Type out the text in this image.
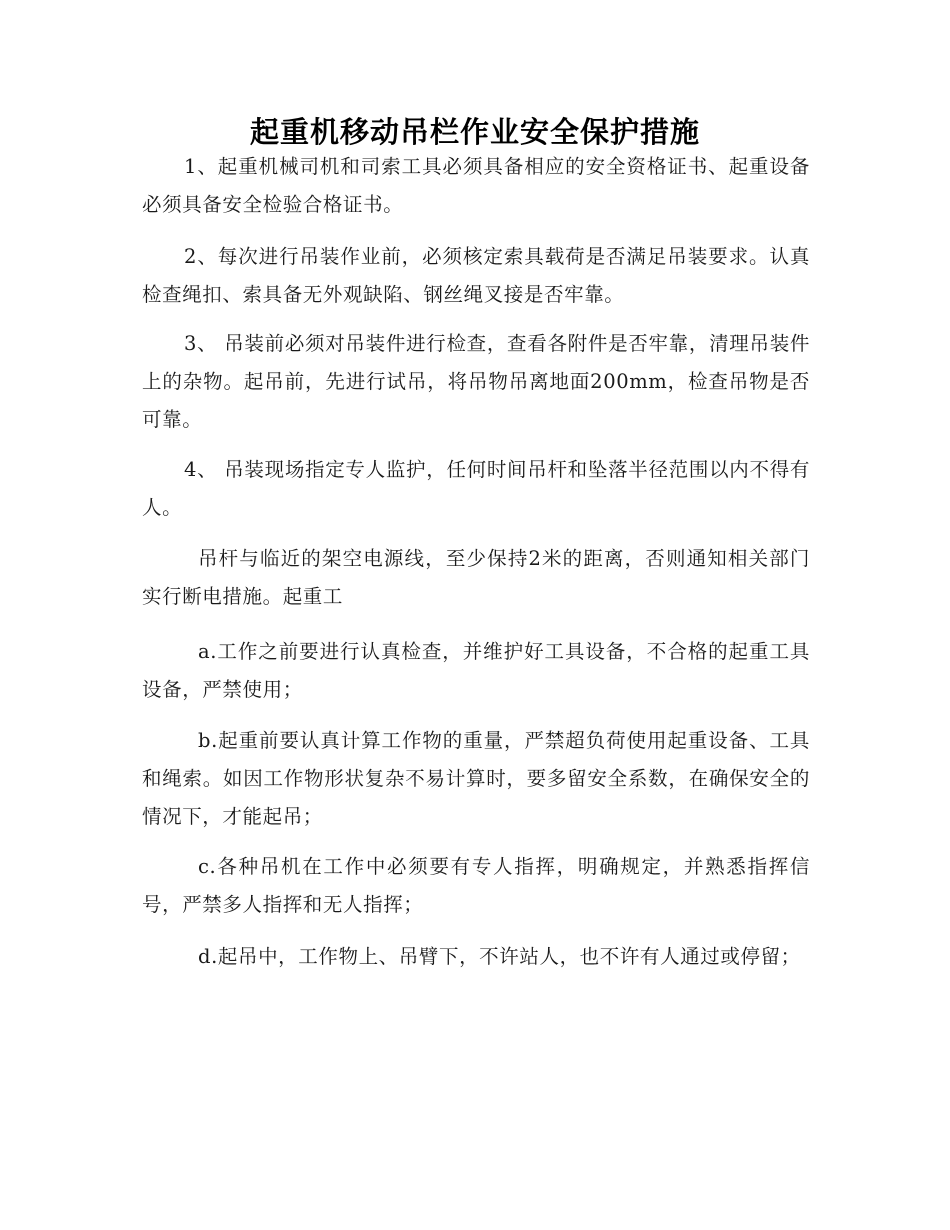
起重机移动吊栏作业安全保护措施

1、起重机械司机和司索工具必须具备相应的安全资格证书、起重设备必须具备安全检验合格证书。

2、每次进行吊装作业前，必须核定索具载荷是否满足吊装要求。认真检查绳扣、索具备无外观缺陷、钢丝绳叉接是否牢靠。

3、 吊装前必须对吊装件进行检查，查看各附件是否牢靠，清理吊装件上的杂物。起吊前，先进行试吊，将吊物吊离地面200mm，检查吊物是否可靠。

4、 吊装现场指定专人监护，任何时间吊杆和坠落半径范围以内不得有人。

吊杆与临近的架空电源线，至少保持2米的距离，否则通知相关部门实行断电措施。起重工

a.工作之前要进行认真检查，并维护好工具设备，不合格的起重工具设备，严禁使用；

b.起重前要认真计算工作物的重量，严禁超负荷使用起重设备、工具和绳索。如因工作物形状复杂不易计算时，要多留安全系数，在确保安全的情况下，才能起吊；

c.各种吊机在工作中必须要有专人指挥，明确规定，并熟悉指挥信号，严禁多人指挥和无人指挥；

d.起吊中，工作物上、吊臂下，不许站人，也不许有人通过或停留；
